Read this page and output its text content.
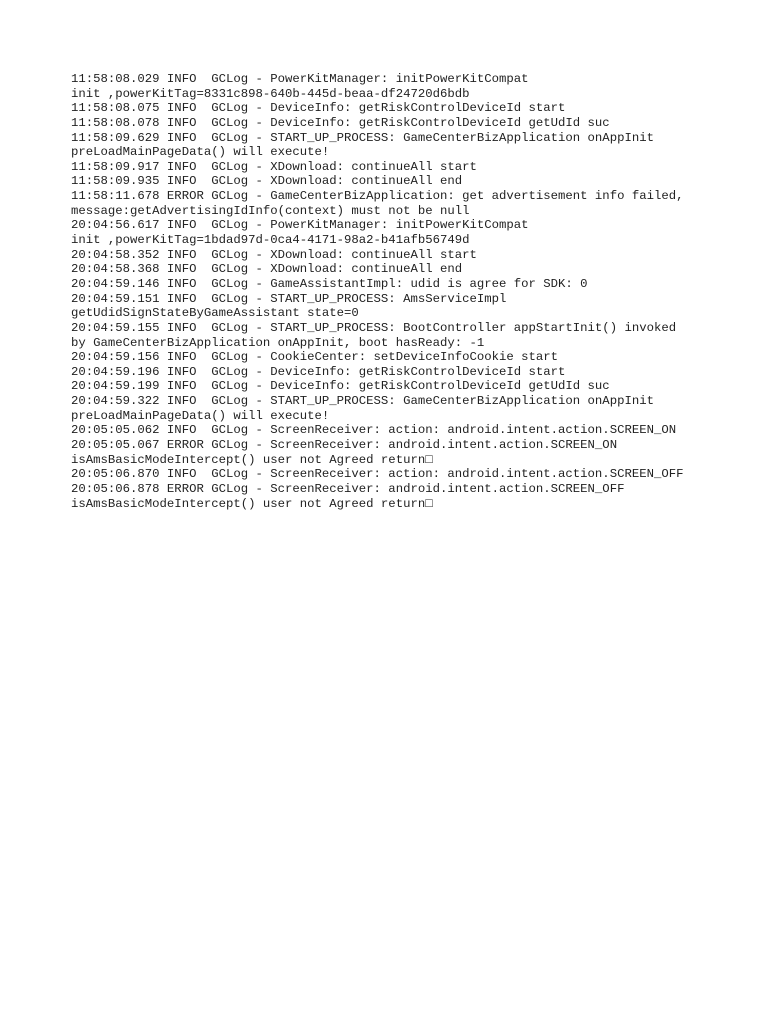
11:58:08.029 INFO  GCLog - PowerKitManager: initPowerKitCompat
init ,powerKitTag=8331c898-640b-445d-beaa-df24720d6bdb
11:58:08.075 INFO  GCLog - DeviceInfo: getRiskControlDeviceId start
11:58:08.078 INFO  GCLog - DeviceInfo: getRiskControlDeviceId getUdId suc
11:58:09.629 INFO  GCLog - START_UP_PROCESS: GameCenterBizApplication onAppInit
preLoadMainPageData() will execute!
11:58:09.917 INFO  GCLog - XDownload: continueAll start
11:58:09.935 INFO  GCLog - XDownload: continueAll end
11:58:11.678 ERROR GCLog - GameCenterBizApplication: get advertisement info failed,
message:getAdvertisingIdInfo(context) must not be null
20:04:56.617 INFO  GCLog - PowerKitManager: initPowerKitCompat
init ,powerKitTag=1bdad97d-0ca4-4171-98a2-b41afb56749d
20:04:58.352 INFO  GCLog - XDownload: continueAll start
20:04:58.368 INFO  GCLog - XDownload: continueAll end
20:04:59.146 INFO  GCLog - GameAssistantImpl: udid is agree for SDK: 0
20:04:59.151 INFO  GCLog - START_UP_PROCESS: AmsServiceImpl
getUdidSignStateByGameAssistant state=0
20:04:59.155 INFO  GCLog - START_UP_PROCESS: BootController appStartInit() invoked
by GameCenterBizApplication onAppInit, boot hasReady: -1
20:04:59.156 INFO  GCLog - CookieCenter: setDeviceInfoCookie start
20:04:59.196 INFO  GCLog - DeviceInfo: getRiskControlDeviceId start
20:04:59.199 INFO  GCLog - DeviceInfo: getRiskControlDeviceId getUdId suc
20:04:59.322 INFO  GCLog - START_UP_PROCESS: GameCenterBizApplication onAppInit
preLoadMainPageData() will execute!
20:05:05.062 INFO  GCLog - ScreenReceiver: action: android.intent.action.SCREEN_ON
20:05:05.067 ERROR GCLog - ScreenReceiver: android.intent.action.SCREEN_ON
isAmsBasicModeIntercept() user not Agreed return□
20:05:06.870 INFO  GCLog - ScreenReceiver: action: android.intent.action.SCREEN_OFF
20:05:06.878 ERROR GCLog - ScreenReceiver: android.intent.action.SCREEN_OFF
isAmsBasicModeIntercept() user not Agreed return□
